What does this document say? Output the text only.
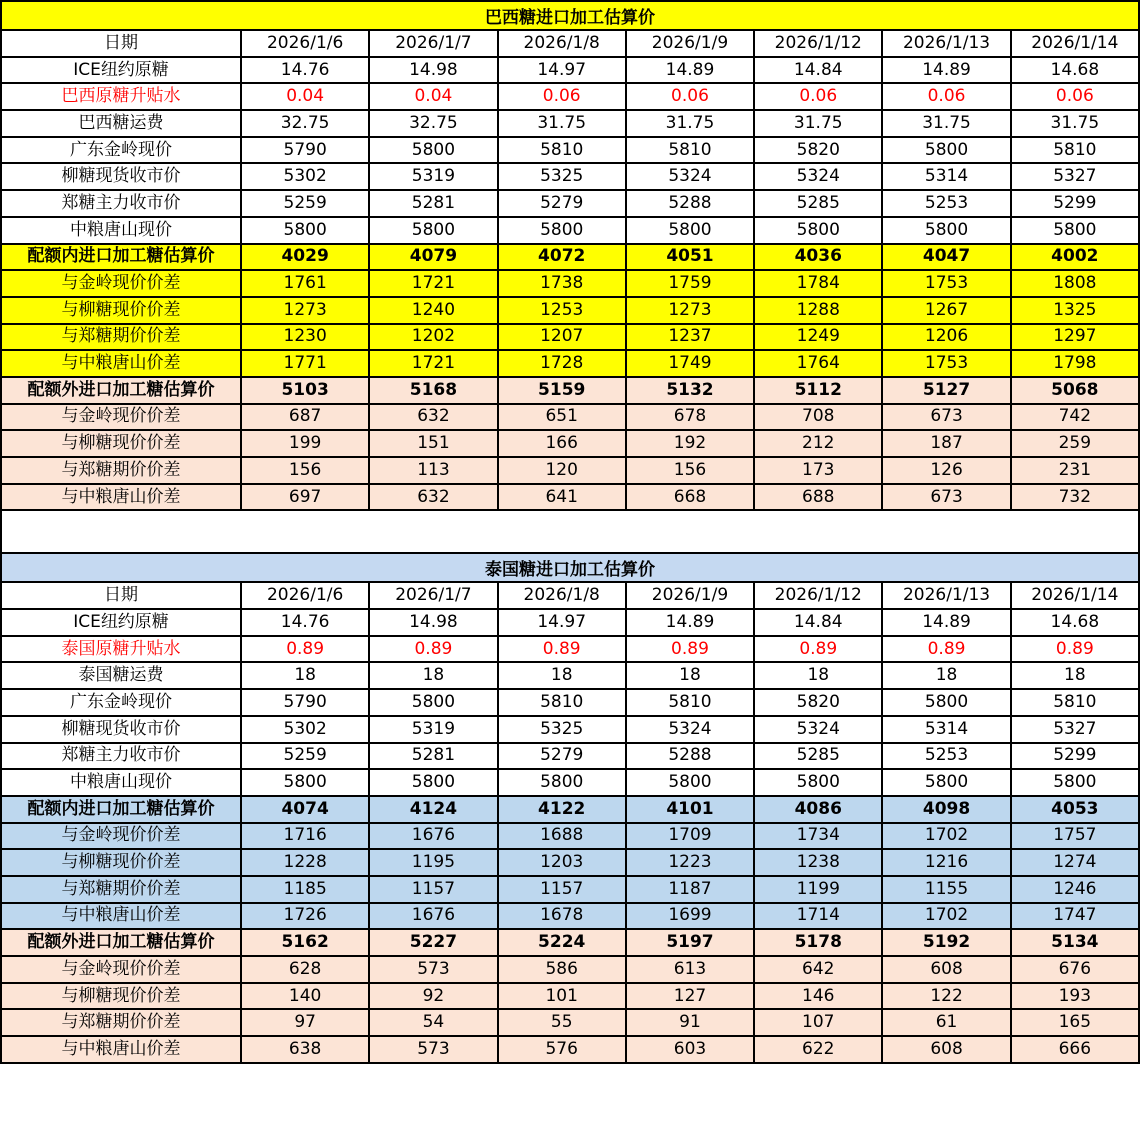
巴西糖进口加工估算价
日期	2026/1/6	2026/1/7	2026/1/8	2026/1/9	2026/1/12	2026/1/13	2026/1/14
ICE纽约原糖	14.76	14.98	14.97	14.89	14.84	14.89	14.68
巴西原糖升贴水	0.04	0.04	0.06	0.06	0.06	0.06	0.06
巴西糖运费	32.75	32.75	31.75	31.75	31.75	31.75	31.75
广东金岭现价	5790	5800	5810	5810	5820	5800	5810
柳糖现货收市价	5302	5319	5325	5324	5324	5314	5327
郑糖主力收市价	5259	5281	5279	5288	5285	5253	5299
中粮唐山现价	5800	5800	5800	5800	5800	5800	5800
配额内进口加工糖估算价	4029	4079	4072	4051	4036	4047	4002
与金岭现价价差	1761	1721	1738	1759	1784	1753	1808
与柳糖现价价差	1273	1240	1253	1273	1288	1267	1325
与郑糖期价价差	1230	1202	1207	1237	1249	1206	1297
与中粮唐山价差	1771	1721	1728	1749	1764	1753	1798
配额外进口加工糖估算价	5103	5168	5159	5132	5112	5127	5068
与金岭现价价差	687	632	651	678	708	673	742
与柳糖现价价差	199	151	166	192	212	187	259
与郑糖期价价差	156	113	120	156	173	126	231
与中粮唐山价差	697	632	641	668	688	673	732
泰国糖进口加工估算价
日期	2026/1/6	2026/1/7	2026/1/8	2026/1/9	2026/1/12	2026/1/13	2026/1/14
ICE纽约原糖	14.76	14.98	14.97	14.89	14.84	14.89	14.68
泰国原糖升贴水	0.89	0.89	0.89	0.89	0.89	0.89	0.89
泰国糖运费	18	18	18	18	18	18	18
广东金岭现价	5790	5800	5810	5810	5820	5800	5810
柳糖现货收市价	5302	5319	5325	5324	5324	5314	5327
郑糖主力收市价	5259	5281	5279	5288	5285	5253	5299
中粮唐山现价	5800	5800	5800	5800	5800	5800	5800
配额内进口加工糖估算价	4074	4124	4122	4101	4086	4098	4053
与金岭现价价差	1716	1676	1688	1709	1734	1702	1757
与柳糖现价价差	1228	1195	1203	1223	1238	1216	1274
与郑糖期价价差	1185	1157	1157	1187	1199	1155	1246
与中粮唐山价差	1726	1676	1678	1699	1714	1702	1747
配额外进口加工糖估算价	5162	5227	5224	5197	5178	5192	5134
与金岭现价价差	628	573	586	613	642	608	676
与柳糖现价价差	140	92	101	127	146	122	193
与郑糖期价价差	97	54	55	91	107	61	165
与中粮唐山价差	638	573	576	603	622	608	666
